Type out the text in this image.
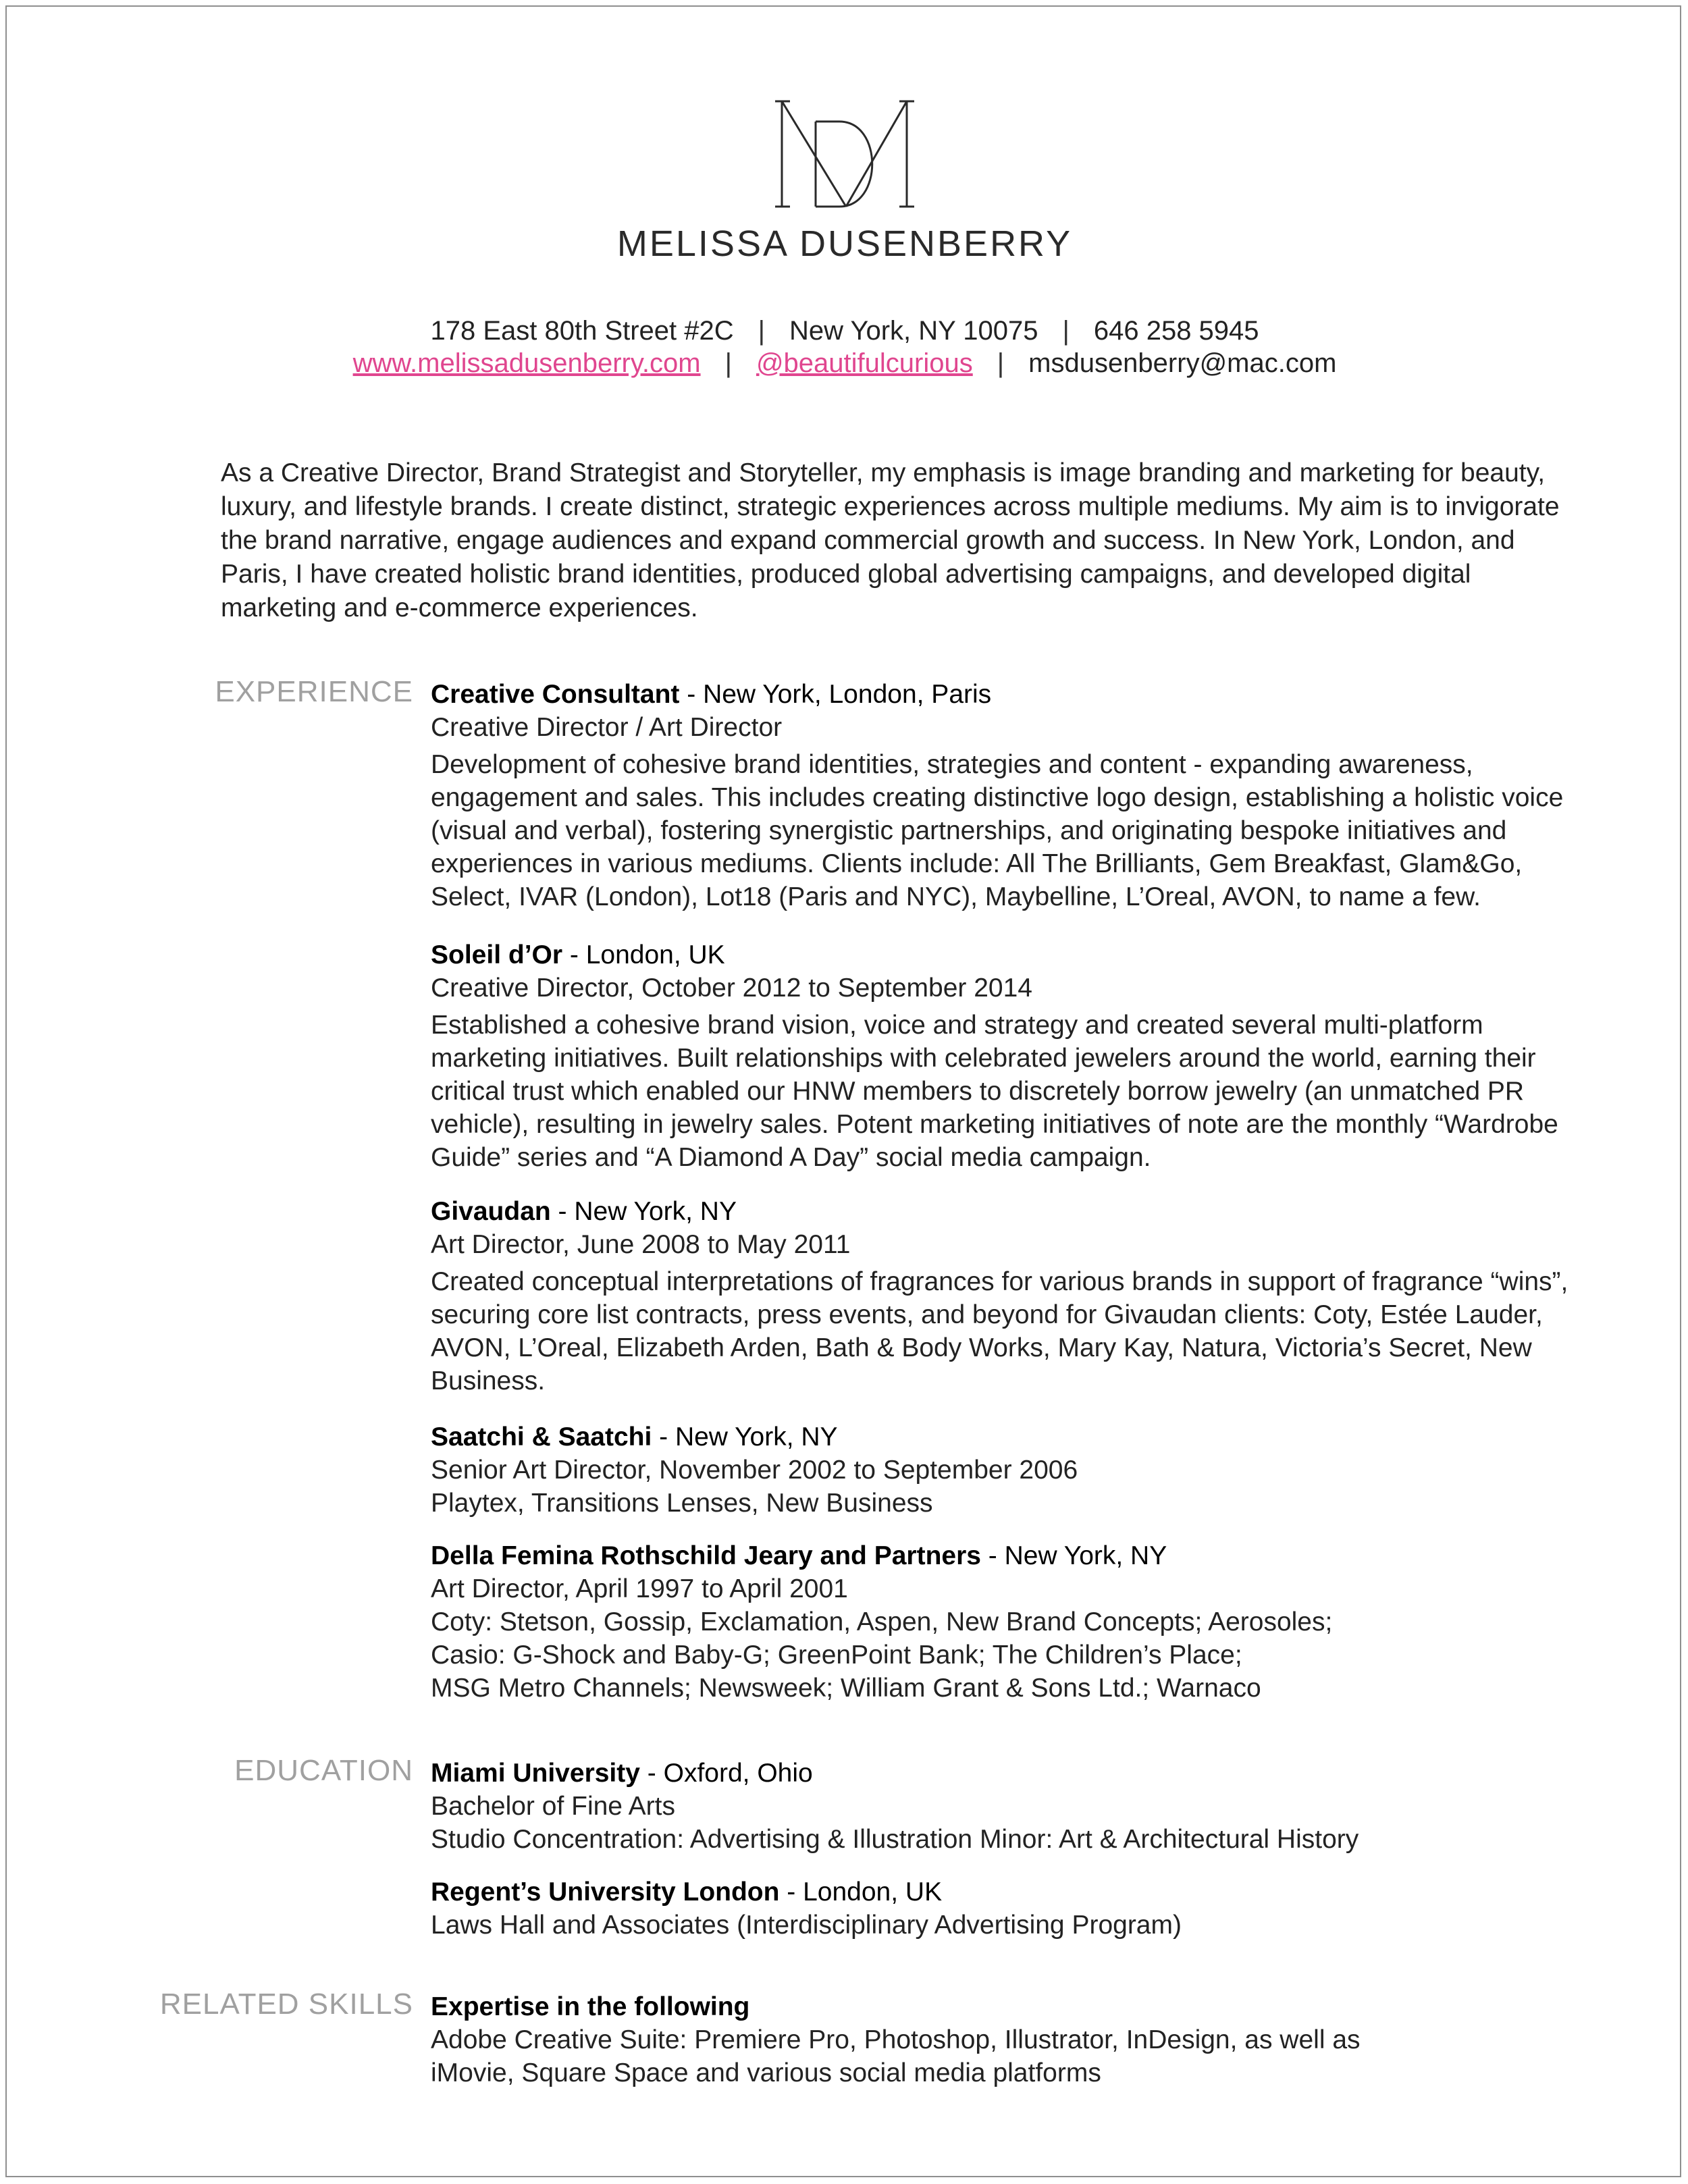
MELISSA DUSENBERRY
178 East 80th Street #2C | New York, NY 10075 | 646 258 5945
www.melissadusenberry.com | @beautifulcurious | msdusenberry@mac.com
As a Creative Director, Brand Strategist and Storyteller, my emphasis is image branding and marketing for beauty, luxury, and lifestyle brands. I create distinct, strategic experiences across multiple mediums. My aim is to invigorate the brand narrative, engage audiences and expand commercial growth and success. In New York, London, and Paris, I have created holistic brand identities, produced global advertising campaigns, and developed digital marketing and e-commerce experiences.
EXPERIENCE Creative Consultant - New York, London, Paris
Creative Director / Art Director
Development of cohesive brand identities, strategies and content - expanding awareness, engagement and sales. This includes creating distinctive logo design, establishing a holistic voice (visual and verbal), fostering synergistic partnerships, and originating bespoke initiatives and experiences in various mediums. Clients include: All The Brilliants, Gem Breakfast, Glam&Go, Select, IVAR (London), Lot18 (Paris and NYC), Maybelline, L’Oreal, AVON, to name a few.
Soleil d’Or - London, UK
Creative Director, October 2012 to September 2014
Established a cohesive brand vision, voice and strategy and created several multi-platform marketing initiatives. Built relationships with celebrated jewelers around the world, earning their critical trust which enabled our HNW members to discretely borrow jewelry (an unmatched PR vehicle), resulting in jewelry sales. Potent marketing initiatives of note are the monthly “Wardrobe Guide” series and “A Diamond A Day” social media campaign.
Givaudan - New York, NY
Art Director, June 2008 to May 2011
Created conceptual interpretations of fragrances for various brands in support of fragrance “wins”, securing core list contracts, press events, and beyond for Givaudan clients: Coty, Estée Lauder, AVON, L’Oreal, Elizabeth Arden, Bath & Body Works, Mary Kay, Natura, Victoria’s Secret, New Business.
Saatchi & Saatchi - New York, NY
Senior Art Director, November 2002 to September 2006
Playtex, Transitions Lenses, New Business
Della Femina Rothschild Jeary and Partners - New York, NY
Art Director, April 1997 to April 2001
Coty: Stetson, Gossip, Exclamation, Aspen, New Brand Concepts; Aerosoles;
Casio: G-Shock and Baby-G; GreenPoint Bank; The Children’s Place;
MSG Metro Channels; Newsweek; William Grant & Sons Ltd.; Warnaco
EDUCATION Miami University - Oxford, Ohio
Bachelor of Fine Arts
Studio Concentration: Advertising & Illustration Minor: Art & Architectural History
Regent’s University London - London, UK
Laws Hall and Associates (Interdisciplinary Advertising Program)
RELATED SKILLS Expertise in the following
Adobe Creative Suite: Premiere Pro, Photoshop, Illustrator, InDesign, as well as
iMovie, Square Space and various social media platforms
